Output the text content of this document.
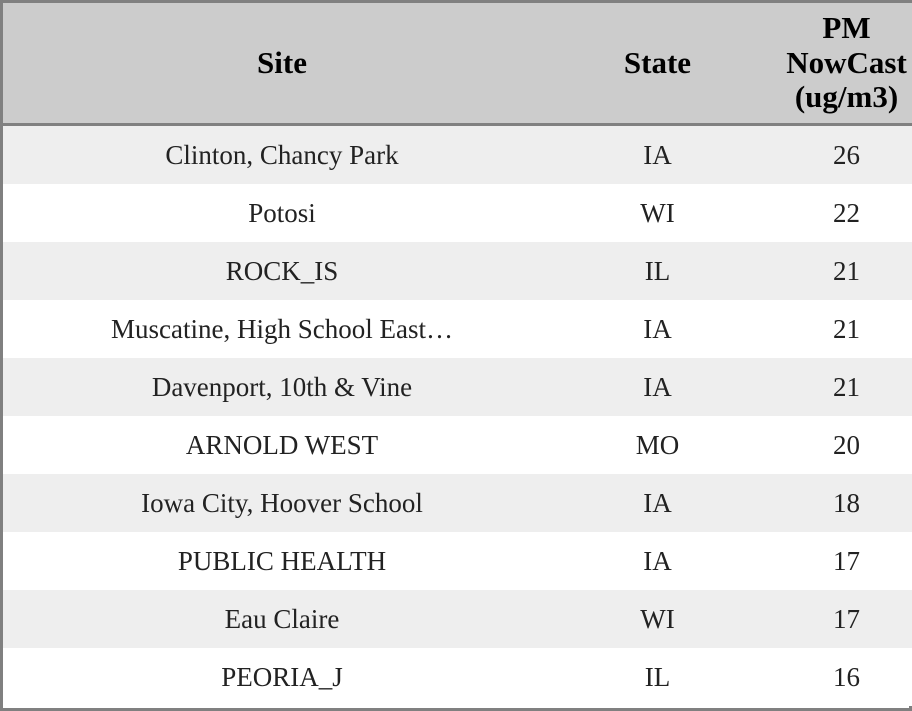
Site	State	PM
NowCast
(ug/m3)
Clinton, Chancy Park	IA	26
Potosi	WI	22
ROCK_IS	IL	21
Muscatine, High School East…	IA	21
Davenport, 10th & Vine	IA	21
ARNOLD WEST	MO	20
Iowa City, Hoover School	IA	18
PUBLIC HEALTH	IA	17
Eau Claire	WI	17
PEORIA_J	IL	16
